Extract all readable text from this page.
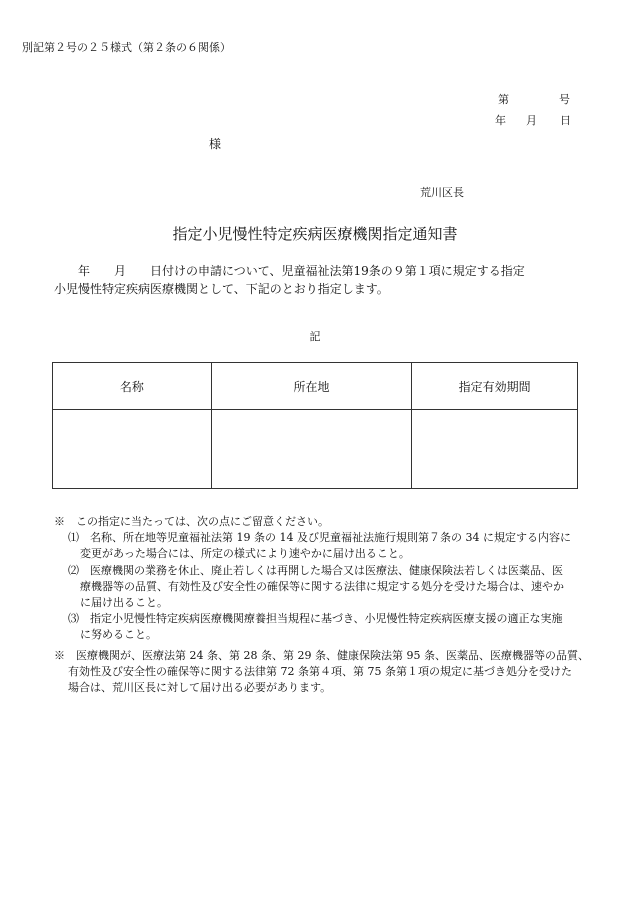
別記第２号の２５様式（第２条の６関係）
第	号
年 月 日
様
荒川区長
指定小児慢性特定疾病医療機関指定通知書
　　年　　月　　日付けの申請について、児童福祉法第19条の９第１項に規定する指定
小児慢性特定疾病医療機関として、下記のとおり指定します。
記
名称	所在地	指定有効期間

※　この指定に当たっては、次の点にご留意ください。
⑴　名称、所在地等児童福祉法第 19 条の 14 及び児童福祉法施行規則第７条の 34 に規定する内容に
変更があった場合には、所定の様式により速やかに届け出ること。
⑵　医療機関の業務を休止、廃止若しくは再開した場合又は医療法、健康保険法若しくは医薬品、医
療機器等の品質、有効性及び安全性の確保等に関する法律に規定する処分を受けた場合は、速やか
に届け出ること。
⑶　指定小児慢性特定疾病医療機関療養担当規程に基づき、小児慢性特定疾病医療支援の適正な実施
に努めること。
※　医療機関が、医療法第 24 条、第 28 条、第 29 条、健康保険法第 95 条、医薬品、医療機器等の品質、
有効性及び安全性の確保等に関する法律第 72 条第４項、第 75 条第１項の規定に基づき処分を受けた
場合は、荒川区長に対して届け出る必要があります。
